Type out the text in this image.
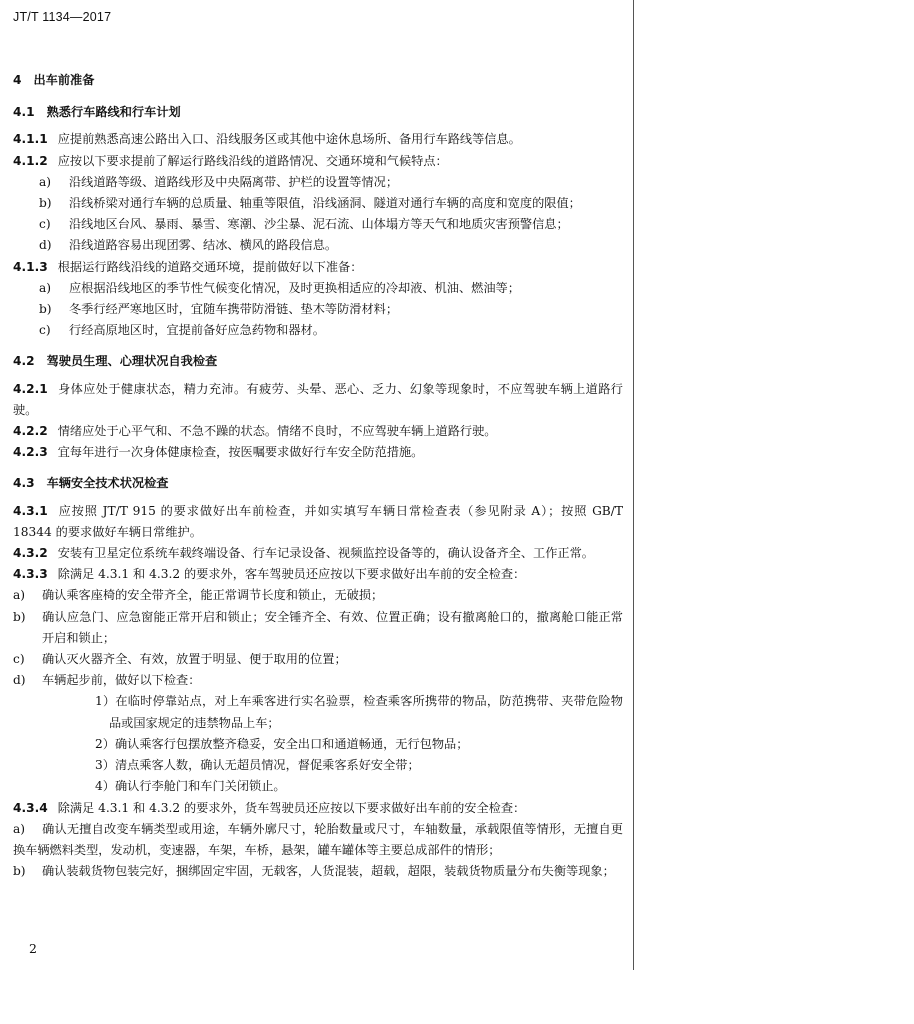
JT/T 1134—2017
4 出车前准备
4.1 熟悉行车路线和行车计划

4.1.1 应提前熟悉高速公路出入口、沿线服务区或其他中途休息场所、备用行车路线等信息。

4.1.2 应按以下要求提前了解运行路线沿线的道路情况、交通环境和气候特点：

a) 沿线道路等级、道路线形及中央隔离带、护栏的设置等情况；

b) 沿线桥梁对通行车辆的总质量、轴重等限值，沿线涵洞、隧道对通行车辆的高度和宽度的限值；

c) 沿线地区台风、暴雨、暴雪、寒潮、沙尘暴、泥石流、山体塌方等天气和地质灾害预警信息；

d) 沿线道路容易出现团雾、结冰、横风的路段信息。

4.1.3 根据运行路线沿线的道路交通环境，提前做好以下准备：

a) 应根据沿线地区的季节性气候变化情况，及时更换相适应的冷却液、机油、燃油等；

b) 冬季行经严寒地区时，宜随车携带防滑链、垫木等防滑材料；

c) 行经高原地区时，宜提前备好应急药物和器材。

4.2 驾驶员生理、心理状况自我检查

4.2.1 身体应处于健康状态，精力充沛。有疲劳、头晕、恶心、乏力、幻象等现象时，不应驾驶车辆上道路行驶。

4.2.2 情绪应处于心平气和、不急不躁的状态。情绪不良时，不应驾驶车辆上道路行驶。

4.2.3 宜每年进行一次身体健康检查，按医嘱要求做好行车安全防范措施。

4.3 车辆安全技术状况检查

4.3.1 应按照 JT/T 915 的要求做好出车前检查，并如实填写车辆日常检查表（参见附录 A）；按照 GB/T 18344 的要求做好车辆日常维护。

4.3.2 安装有卫星定位系统车载终端设备、行车记录设备、视频监控设备等的，确认设备齐全、工作正常。

4.3.3 除满足 4.3.1 和 4.3.2 的要求外，客车驾驶员还应按以下要求做好出车前的安全检查：

a) 确认乘客座椅的安全带齐全，能正常调节长度和锁止，无破损；

b) 确认应急门、应急窗能正常开启和锁止；安全锤齐全、有效、位置正确；设有撤离舱口的，撤离舱口能正常开启和锁止；

c) 确认灭火器齐全、有效，放置于明显、便于取用的位置；

d) 车辆起步前，做好以下检查：

1）在临时停靠站点，对上车乘客进行实名验票，检查乘客所携带的物品，防范携带、夹带危险物品或国家规定的违禁物品上车；

2）确认乘客行包摆放整齐稳妥，安全出口和通道畅通，无行包物品；

3）清点乘客人数，确认无超员情况，督促乘客系好安全带；

4）确认行李舱门和车门关闭锁止。

4.3.4 除满足 4.3.1 和 4.3.2 的要求外，货车驾驶员还应按以下要求做好出车前的安全检查：

a) 确认无擅自改变车辆类型或用途，车辆外廓尺寸，轮胎数量或尺寸，车轴数量，承载限值等情形，无擅自更换车辆燃料类型，发动机，变速器，车架，车桥，悬架，罐车罐体等主要总成部件的情形；

b) 确认装载货物包装完好，捆绑固定牢固，无载客，人货混装，超载，超限，装载货物质量分布失衡等现象；

2
